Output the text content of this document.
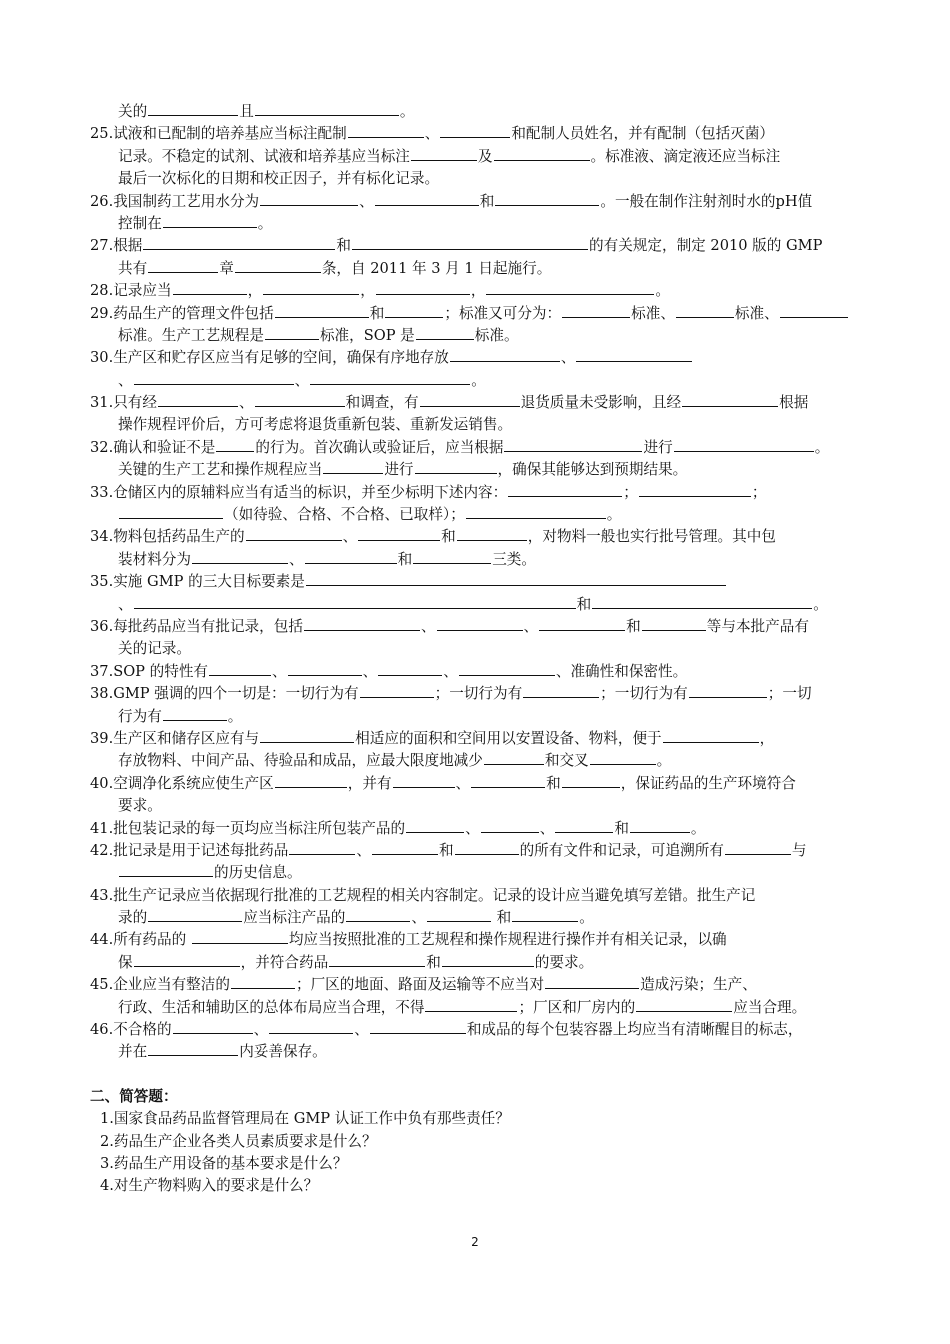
关的	且	。
25.试液和已配制的培养基应当标注配制	、	和配制人员姓名，并有配制（包括灭菌）
记录。不稳定的试剂、试液和培养基应当标注	及	。标准液、滴定液还应当标注
最后一次标化的日期和校正因子，并有标化记录。
26.我国制药工艺用水分为	、	和	。一般在制作注射剂时水的pH值
控制在	。
27.根据	和	的有关规定，制定 2010 版的 GMP
共有	章	条，自 2011 年 3 月 1 日起施行。
28.记录应当	，	，	，	。
29.药品生产的管理文件包括	和	；标准又可分为：	标准、	标准、
标准。生产工艺规程是	标准，SOP 是	标准。
30.生产区和贮存区应当有足够的空间，确保有序地存放	、
、	、	。
31.只有经	、	和调查，有	退货质量未受影响，且经	根据
操作规程评价后，方可考虑将退货重新包装、重新发运销售。
32.确认和验证不是	的行为。首次确认或验证后，应当根据	进行	。
关键的生产工艺和操作规程应当	进行	，确保其能够达到预期结果。
33.仓储区内的原辅料应当有适当的标识，并至少标明下述内容：	；	；
（如待验、合格、不合格、已取样）；	。
34.物料包括药品生产的	、	和	，对物料一般也实行批号管理。其中包
装材料分为	、	和	三类。
35.实施 GMP 的三大目标要素是
、	和	。
36.每批药品应当有批记录，包括	、	、	和	等与本批产品有
关的记录。
37.SOP 的特性有	、	、	、	、准确性和保密性。
38.GMP 强调的四个一切是：一切行为有	；一切行为有	；一切行为有	；一切
行为有	。
39.生产区和储存区应有与	相适应的面积和空间用以安置设备、物料，便于	，
存放物料、中间产品、待验品和成品，应最大限度地减少	和交叉	。
40.空调净化系统应使生产区	，并有	、	和	，保证药品的生产环境符合
要求。
41.批包装记录的每一页均应当标注所包装产品的	、	、	和	。
42.批记录是用于记述每批药品	、	和	的所有文件和记录，可追溯所有	与
的历史信息。
43.批生产记录应当依据现行批准的工艺规程的相关内容制定。记录的设计应当避免填写差错。批生产记
录的	应当标注产品的	、	和	。
44.所有药品的	均应当按照批准的工艺规程和操作规程进行操作并有相关记录，以确
保	，并符合药品	和	的要求。
45.企业应当有整洁的	；厂区的地面、路面及运输等不应当对	造成污染；生产、
行政、生活和辅助区的总体布局应当合理，不得	；厂区和厂房内的	应当合理。
46.不合格的	、	、	和成品的每个包装容器上均应当有清晰醒目的标志，
并在	内妥善保存。
二、简答题：
1.国家食品药品监督管理局在 GMP 认证工作中负有那些责任？
2.药品生产企业各类人员素质要求是什么？
3.药品生产用设备的基本要求是什么？
4.对生产物料购入的要求是什么？
2
